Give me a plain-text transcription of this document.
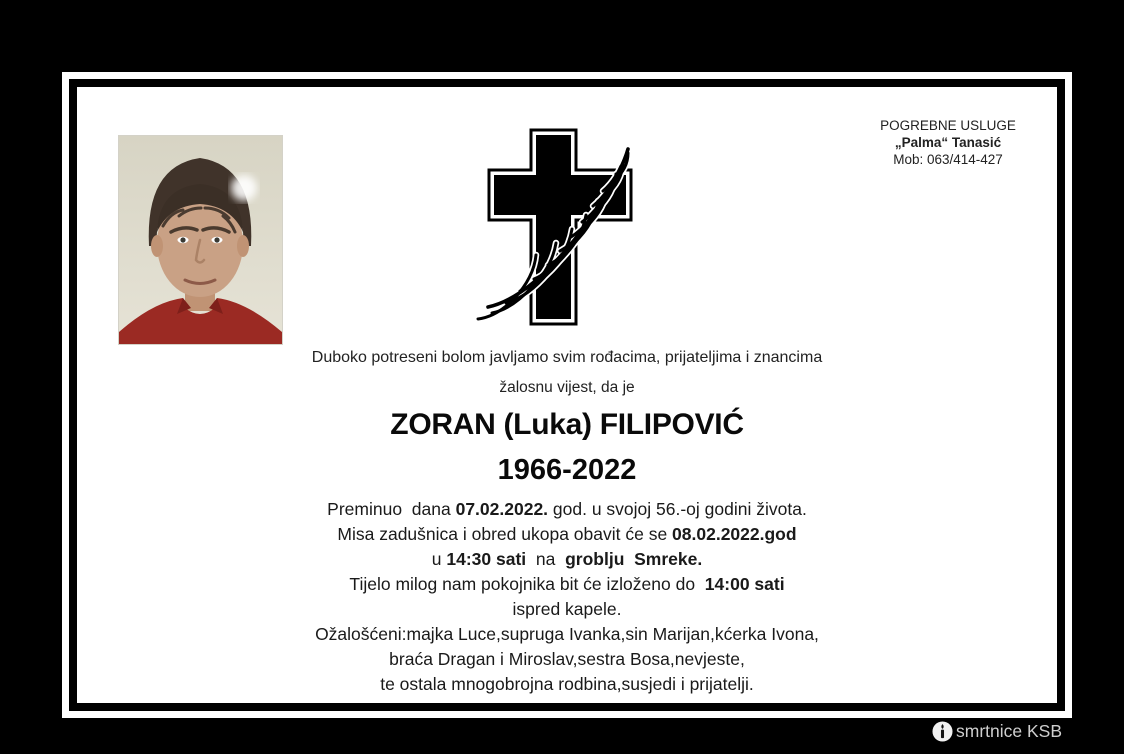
POGREBNE USLUGE
„Palma“ Tanasić
Mob: 063/414-427
Duboko potreseni bolom javljamo svim rođacima, prijateljima i znancima
žalosnu vijest, da je
ZORAN (Luka) FILIPOVIĆ
1966-2022
Preminuo  dana 07.02.2022. god. u svojoj 56.-oj godini života.
Misa zadušnica i obred ukopa obavit će se 08.02.2022.god
u 14:30 sati  na  groblju  Smreke.
Tijelo milog nam pokojnika bit će izloženo do  14:00 sati
ispred kapele.
Ožalošćeni:majka Luce,supruga Ivanka,sin Marijan,kćerka Ivona,
braća Dragan i Miroslav,sestra Bosa,nevjeste,
te ostala mnogobrojna rodbina,susjedi i prijatelji.
smrtnice KSB
